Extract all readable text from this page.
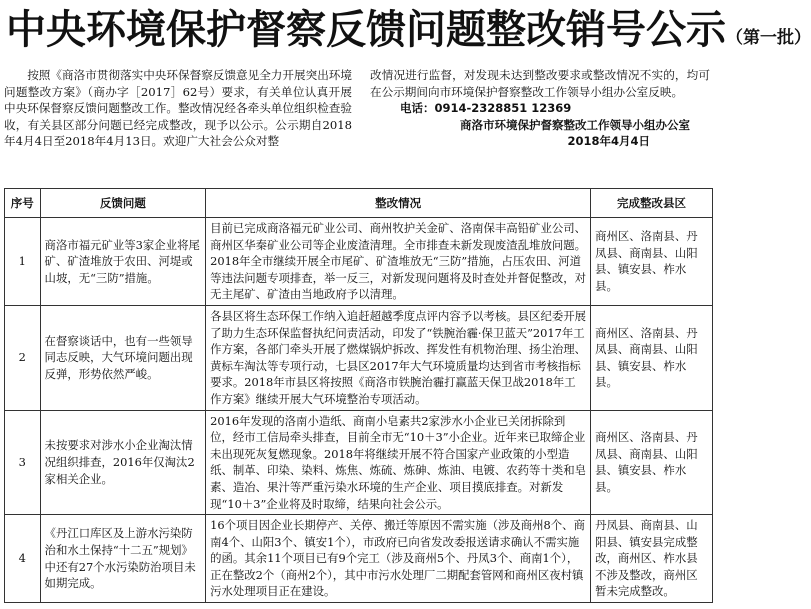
中央环境保护督察反馈问题整改销号公示（第一批）
按照《商洛市贯彻落实中央环保督察反馈意见全力开展突出环境问题整改方案》（商办字［2017］62号）要求，有关单位认真开展中央环保督察反馈问题整改工作。整改情况经各牵头单位组织检查验收，有关县区部分问题已经完成整改，现予以公示。公示期自2018年4月4日至2018年4月13日。欢迎广大社会公众对整
改情况进行监督，对发现未达到整改要求或整改情况不实的，均可在公示期间向市环境保护督察整改工作领导小组办公室反映。
电话：0914-2328851 12369
商洛市环境保护督察整改工作领导小组办公室
2018年4月4日
序号	反馈问题	整改情况	完成整改县区
1	商洛市福元矿业等3家企业将尾矿、矿渣堆放于农田、河堤或山坡，无“三防”措施。	目前已完成商洛福元矿业公司、商州牧护关金矿、洛南保丰高铅矿业公司、商州区华秦矿业公司等企业废渣清理。全市排查未新发现废渣乱堆放问题。2018年全市继续开展全市尾矿、矿渣堆放无“三防”措施，占压农田、河道等违法问题专项排查，举一反三，对新发现问题将及时查处并督促整改，对无主尾矿、矿渣由当地政府予以清理。	商州区、洛南县、丹凤县、商南县、山阳县、镇安县、柞水县。
2	在督察谈话中，也有一些领导同志反映，大气环境问题出现反弹，形势依然严峻。	各县区将生态环保工作纳入追赶超越季度点评内容予以考核。县区纪委开展了助力生态环保监督执纪问责活动，印发了“铁腕治霾·保卫蓝天”2017年工作方案，各部门牵头开展了燃煤锅炉拆改、挥发性有机物治理、扬尘治理、黄标车淘汰等专项行动，七县区2017年大气环境质量均达到省市考核指标要求。2018年市县区将按照《商洛市铁腕治霾打赢蓝天保卫战2018年工作方案》继续开展大气环境整治专项活动。	商州区、洛南县、丹凤县、商南县、山阳县、镇安县、柞水县。
3	未按要求对涉水小企业淘汰情况组织排查，2016年仅淘汰2家相关企业。	2016年发现的洛南小造纸、商南小皂素共2家涉水小企业已关闭拆除到位，经市工信局牵头排查，目前全市无“10＋3”小企业。近年来已取缔企业未出现死灰复燃现象。2018年将继续开展不符合国家产业政策的小型造纸、制革、印染、染料、炼焦、炼硫、炼砷、炼油、电镀、农药等十类和皂素、造冶、果汁等严重污染水环境的生产企业、项目摸底排查。对新发现“10＋3”企业将及时取缔，结果向社会公示。	商州区、洛南县、丹凤县、商南县、山阳县、镇安县、柞水县。
4	《丹江口库区及上游水污染防治和水土保持“十二五”规划》中还有27个水污染防治项目未如期完成。	16个项目因企业长期停产、关停、搬迁等原因不需实施（涉及商州8个、商南4个、山阳3个、镇安1个），市政府已向省发改委报送请求确认不需实施的函。其余11个项目已有9个完工（涉及商州5个、丹凤3个、商南1个），正在整改2个（商州2个），其中市污水处理厂二期配套管网和商州区夜村镇污水处理项目正在建设。	丹凤县、商南县、山阳县、镇安县完成整改，商州区、柞水县不涉及整改，商州区暂未完成整改。
